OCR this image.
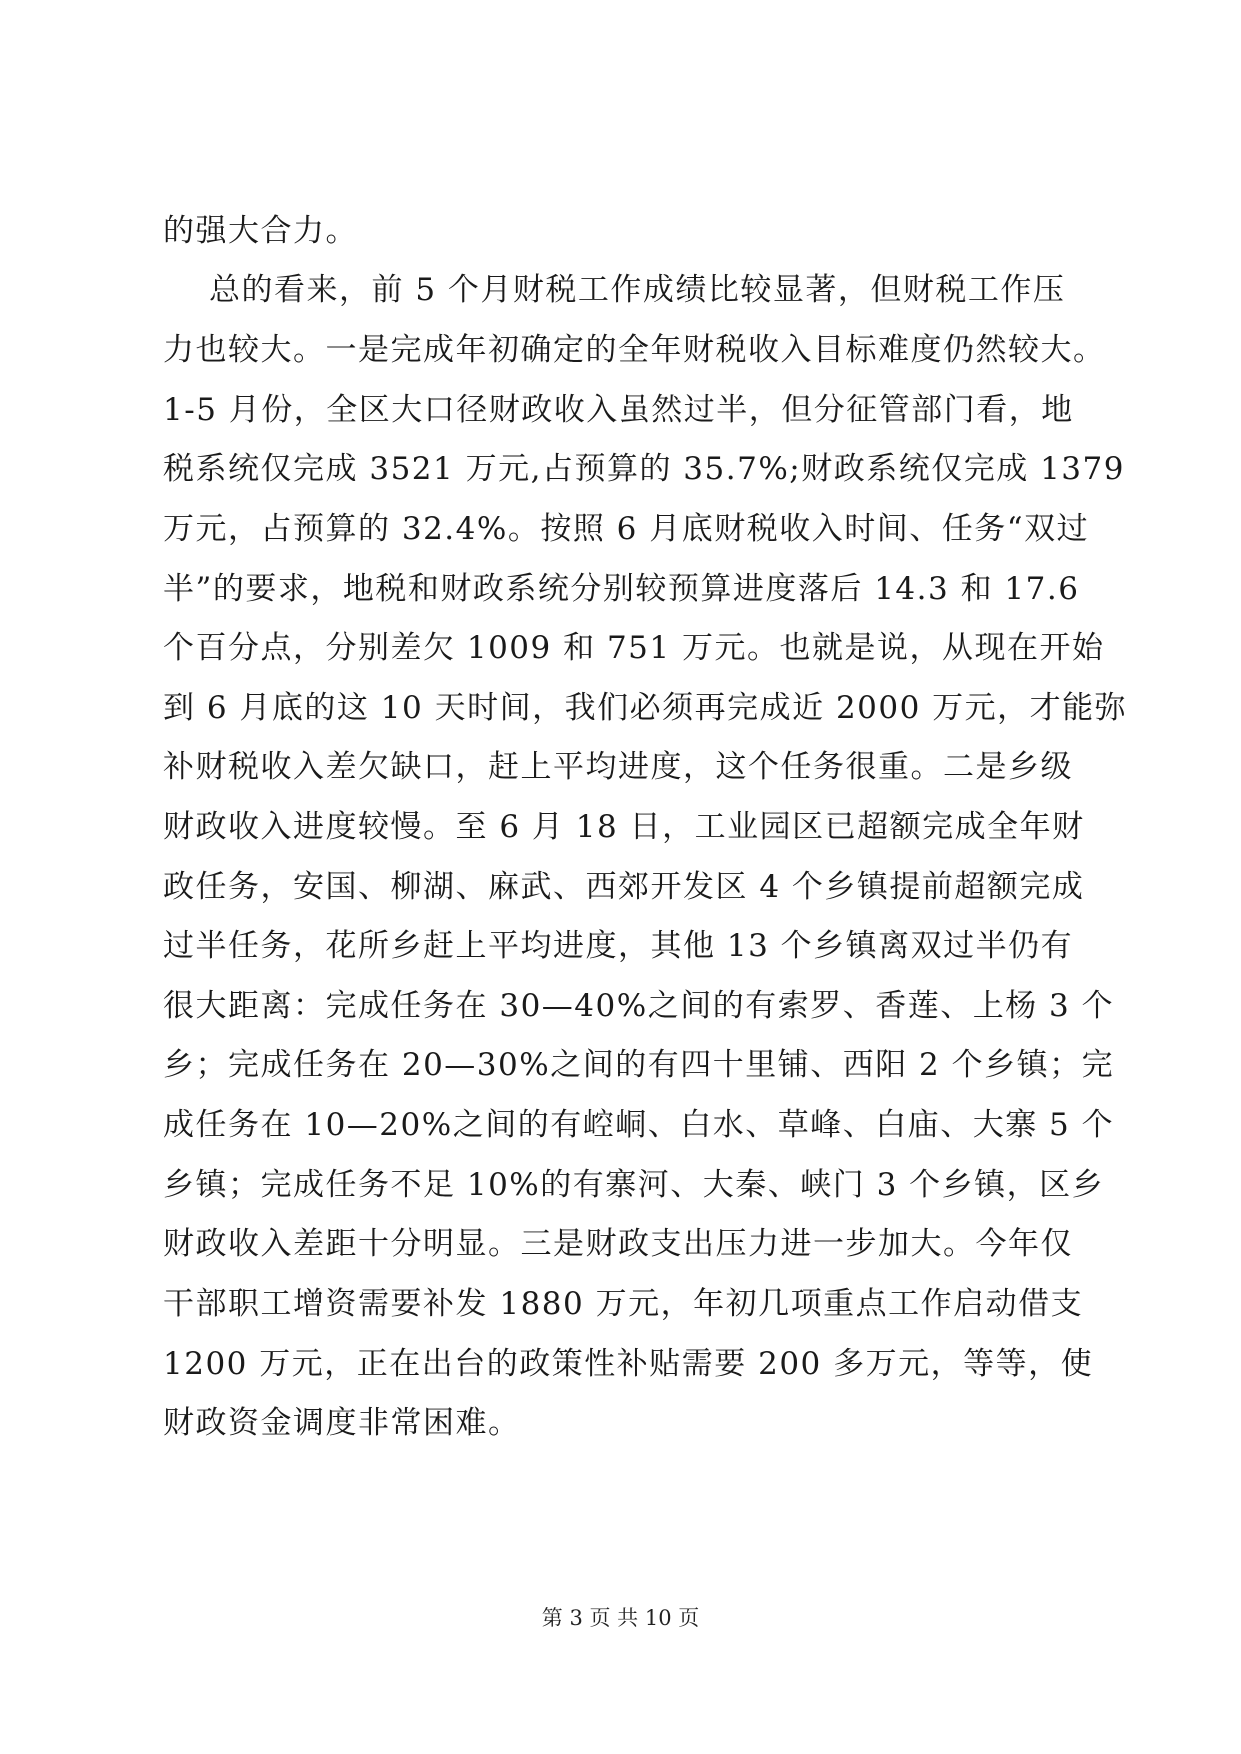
的强大合力。
总的看来，前 5 个月财税工作成绩比较显著，但财税工作压
力也较大。一是完成年初确定的全年财税收入目标难度仍然较大。
1-5 月份，全区大口径财政收入虽然过半，但分征管部门看，地
税系统仅完成 3521 万元,占预算的 35.7%;财政系统仅完成 1379
万元，占预算的 32.4%。按照 6 月底财税收入时间、任务“双过
半”的要求，地税和财政系统分别较预算进度落后 14.3 和 17.6
个百分点，分别差欠 1009 和 751 万元。也就是说，从现在开始
到 6 月底的这 10 天时间，我们必须再完成近 2000 万元，才能弥
补财税收入差欠缺口，赶上平均进度，这个任务很重。二是乡级
财政收入进度较慢。至 6 月 18 日，工业园区已超额完成全年财
政任务，安国、柳湖、麻武、西郊开发区 4 个乡镇提前超额完成
过半任务，花所乡赶上平均进度，其他 13 个乡镇离双过半仍有
很大距离：完成任务在 30—40%之间的有索罗、香莲、上杨 3 个
乡；完成任务在 20—30%之间的有四十里铺、西阳 2 个乡镇；完
成任务在 10—20%之间的有崆峒、白水、草峰、白庙、大寨 5 个
乡镇；完成任务不足 10%的有寨河、大秦、峡门 3 个乡镇，区乡
财政收入差距十分明显。三是财政支出压力进一步加大。今年仅
干部职工增资需要补发 1880 万元，年初几项重点工作启动借支
1200 万元，正在出台的政策性补贴需要 200 多万元，等等，使
财政资金调度非常困难。
第 3 页 共 10 页
